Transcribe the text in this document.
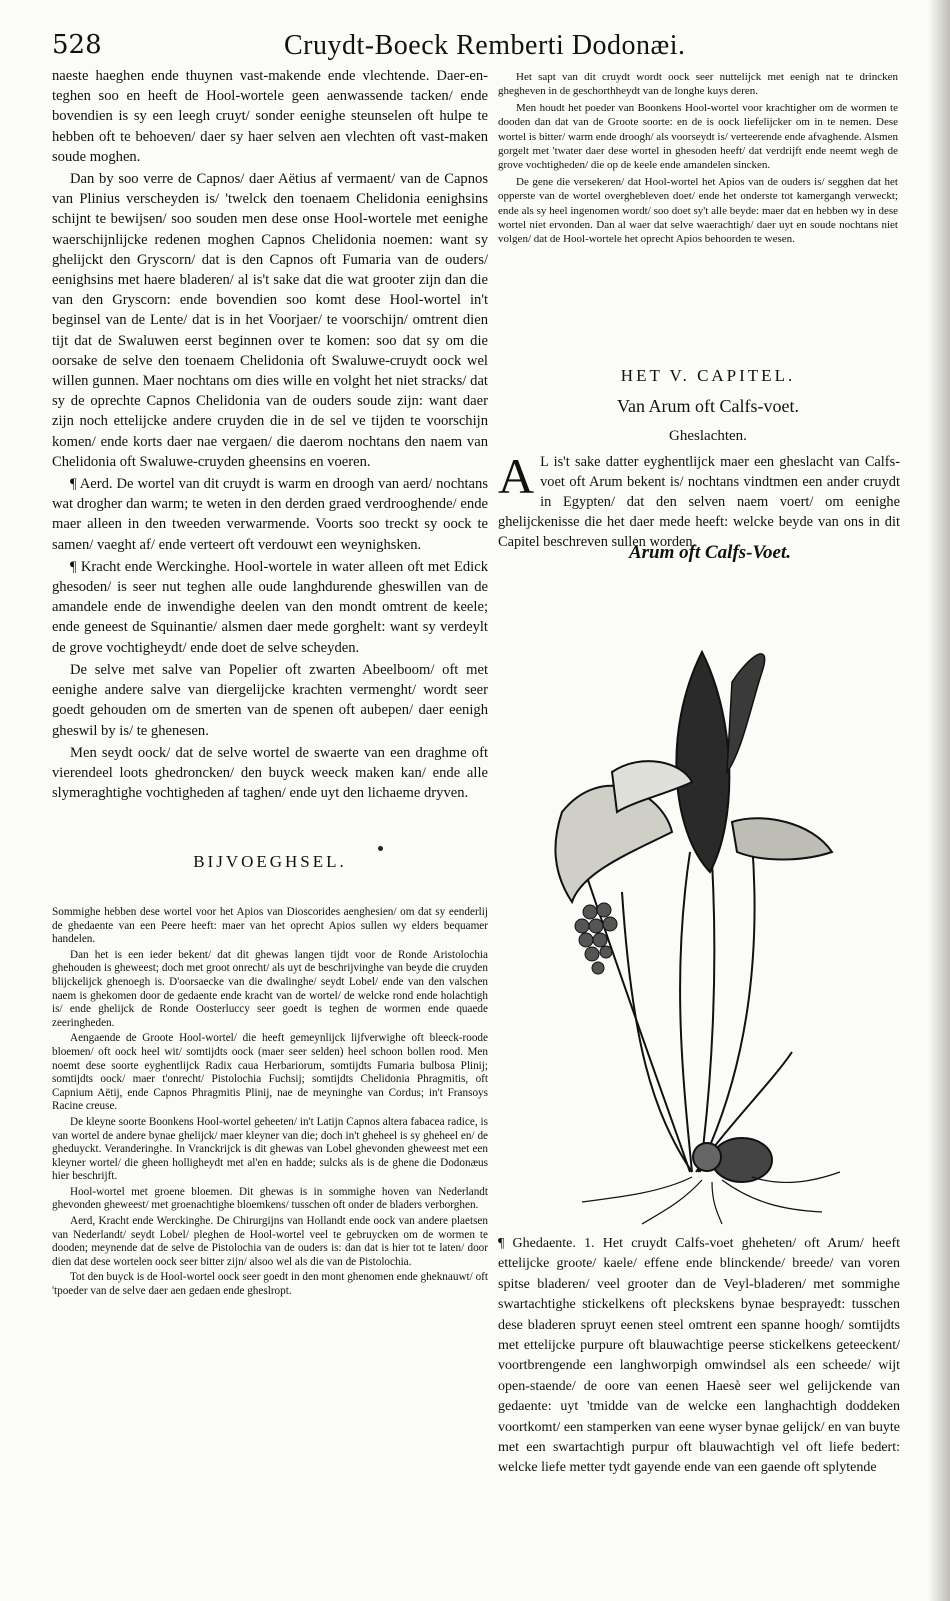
528	Cruydt-Boeck Remberti Dodonæi.

naeste haeghen ende thuynen vast-makende ende vlechtende. Daer-en-teghen soo en heeft de Hool-wortele geen aenwassende tacken/ ende bovendien is sy een leegh cruyt/ sonder eenighe steunselen oft hulpe te hebben oft te behoeven/ daer sy haer selven aen vlechten oft vast-maken soude moghen.

Dan by soo verre de Capnos/ daer Aëtius af vermaent/ van de Capnos van Plinius verscheyden is/ 'twelck den toenaem Chelidonia eenighsins schijnt te bewijsen/ soo souden men dese onse Hool-wortele met eenighe waerschijnlijcke redenen moghen Capnos Chelidonia noemen: want sy ghelijckt den Gryscorn/ dat is den Capnos oft Fumaria van de ouders/ eenighsins met haere bladeren/ al is't sake dat die wat grooter zijn dan die van den Gryscorn: ende bovendien soo komt dese Hool-wortel in't beginsel van de Lente/ dat is in het Voorjaer/ te voorschijn/ omtrent dien tijt dat de Swaluwen eerst beginnen over te komen: soo dat sy om die oorsake de selve den toenaem Chelidonia oft Swaluwe-cruydt oock wel willen gunnen. Maer nochtans om dies wille en volght het niet stracks/ dat sy de oprechte Capnos Chelidonia van de ouders soude zijn: want daer zijn noch ettelijcke andere cruyden die in de sel ve tijden te voorschijn komen/ ende korts daer nae vergaen/ die daerom nochtans den naem van Chelidonia oft Swaluwe-cruyden gheensins en voeren.

¶ Aerd. De wortel van dit cruydt is warm en droogh van aerd/ nochtans wat drogher dan warm; te weten in den derden graed verdrooghende/ ende maer alleen in den tweeden verwarmende. Voorts soo treckt sy oock te samen/ vaeght af/ ende verteert oft verdouwt een weynighsken.

¶ Kracht ende Werckinghe. Hool-wortele in water alleen oft met Edick ghesoden/ is seer nut teghen alle oude langhdurende gheswillen van de amandele ende de inwendighe deelen van den mondt omtrent de keele; ende geneest de Squinantie/ alsmen daer mede gorghelt: want sy verdeylt de grove vochtigheydt/ ende doet de selve scheyden.

De selve met salve van Popelier oft zwarten Abeelboom/ oft met eenighe andere salve van diergelijcke krachten vermenght/ wordt seer goedt gehouden om de smerten van de spenen oft aubepen/ daer eenigh gheswil by is/ te ghenesen.

Men seydt oock/ dat de selve wortel de swaerte van een draghme oft vierendeel loots ghedroncken/ den buyck weeck maken kan/ ende alle slymeraghtighe vochtigheden af taghen/ ende uyt den lichaeme dryven.

BIJVOEGHSEL.

Sommighe hebben dese wortel voor het Apios van Dioscorides aenghesien/ om dat sy eenderlij de ghedaente van een Peere heeft: maer van het oprecht Apios sullen wy elders bequamer handelen.

Dan het is een ieder bekent/ dat dit ghewas langen tijdt voor de Ronde Aristolochia ghehouden is gheweest; doch met groot onrecht/ als uyt de beschrijvinghe van beyde die cruyden blijckelijck ghenoegh is. D'oorsaecke van die dwalinghe/ seydt Lobel/ ende van den valschen naem is ghekomen door de gedaente ende kracht van de wortel/ de welcke rond ende holachtigh is/ ende ghelijck de Ronde Oosterluccy seer goedt is teghen de wormen ende quaede zeeringheden.

Aengaende de Groote Hool-wortel/ die heeft gemeynlijck lijfverwighe oft bleeck-roode bloemen/ oft oock heel wit/ somtijdts oock (maer seer selden) heel schoon bollen rood. Men noemt dese soorte eyghentlijck Radix caua Herbariorum, somtijdts Fumaria bulbosa Plinij; somtijdts oock/ maer t'onrecht/ Pistolochia Fuchsij; somtijdts Chelidonia Phragmitis, oft Capnium Aëtij, ende Capnos Phragmitis Plinij, nae de meyninghe van Cordus; in't Fransoys Racine creuse.

De kleyne soorte Boonkens Hool-wortel geheeten/ in't Latijn Capnos altera fabacea radice, is van wortel de andere bynae ghelijck/ maer kleyner van die; doch in't gheheel is sy gheheel en/ de gheduyckt. Veranderinghe. In Vranckrijck is dit ghewas van Lobel ghevonden gheweest met een kleyner wortel/ die gheen holligheydt met al'en en hadde; sulcks als is de ghene die Dodonæus hier beschrijft.

Hool-wortel met groene bloemen. Dit ghewas is in sommighe hoven van Nederlandt ghevonden gheweest/ met groenachtighe bloemkens/ tusschen oft onder de bladers verborghen.

Aerd, Kracht ende Werckinghe. De Chirurgijns van Hollandt ende oock van andere plaetsen van Nederlandt/ seydt Lobel/ pleghen de Hool-wortel veel te gebruycken om de wormen te dooden; meynende dat de selve de Pistolochia van de ouders is: dan dat is hier tot te laten/ door dien dat dese wortelen oock seer bitter zijn/ alsoo wel als die van de Pistolochia.

Tot den buyck is de Hool-wortel oock seer goedt in den mont ghenomen ende gheknauwt/ oft 'tpoeder van de selve daer aen gedaen ende gheslropt.

Het sapt van dit cruydt wordt oock seer nuttelijck met eenigh nat te drincken ghegheven in de geschorthheydt van de longhe kuys deren.

Men houdt het poeder van Boonkens Hool-wortel voor krachtigher om de wormen te dooden dan dat van de Groote soorte: en de is oock liefelijcker om in te nemen. Dese wortel is bitter/ warm ende droogh/ als voorseydt is/ verteerende ende afvaghende. Alsmen gorgelt met 'twater daer dese wortel in ghesoden heeft/ dat verdrijft ende neemt wegh de grove vochtigheden/ die op de keele ende amandelen sincken.

De gene die versekeren/ dat Hool-wortel het Apios van de ouders is/ segghen dat het opperste van de wortel overghebleven doet/ ende het onderste tot kamergangh verweckt; ende als sy heel ingenomen wordt/ soo doet sy't alle beyde: maer dat en hebben wy in dese wortel niet ervonden. Dan al waer dat selve waerachtigh/ daer uyt en soude nochtans niet volgen/ dat de Hool-wortele het oprecht Apios behoorden te wesen.

HET V. CAPITEL.
Van Arum oft Calfs-voet.
Gheslachten.
A L is't sake datter eyghentlijck maer een gheslacht van Calfs-voet oft Arum bekent is/ nochtans vindtmen een ander cruydt in Egypten/ dat den selven naem voert/ om eenighe ghelijckenisse die het daer mede heeft: welcke beyde van ons in dit Capitel beschreven sullen worden.
Arum oft Calfs-Voet.

¶ Ghedaente. 1. Het cruydt Calfs-voet gheheten/ oft Arum/ heeft ettelijcke groote/ kaele/ effene ende blinckende/ breede/ van voren spitse bladeren/ veel grooter dan de Veyl-bladeren/ met sommighe swartachtighe stickelkens oft pleckskens bynae besprayedt: tusschen dese bladeren spruyt eenen steel omtrent een spanne hoogh/ somtijdts met ettelijcke purpure oft blauwachtige peerse stickelkens geteeckent/ voortbrengende een langhworpigh omwindsel als een scheede/ wijt open-staende/ de oore van eenen Haesè seer wel gelijckende van gedaente: uyt 'tmidde van de welcke een langhachtigh doddeken voortkomt/ een stamperken van eene wyser bynae gelijck/ en van buyte met een swartachtigh purpur oft blauwachtigh vel oft liefe bedert: welcke liefe metter tydt gayende ende van een gaende oft splytende
